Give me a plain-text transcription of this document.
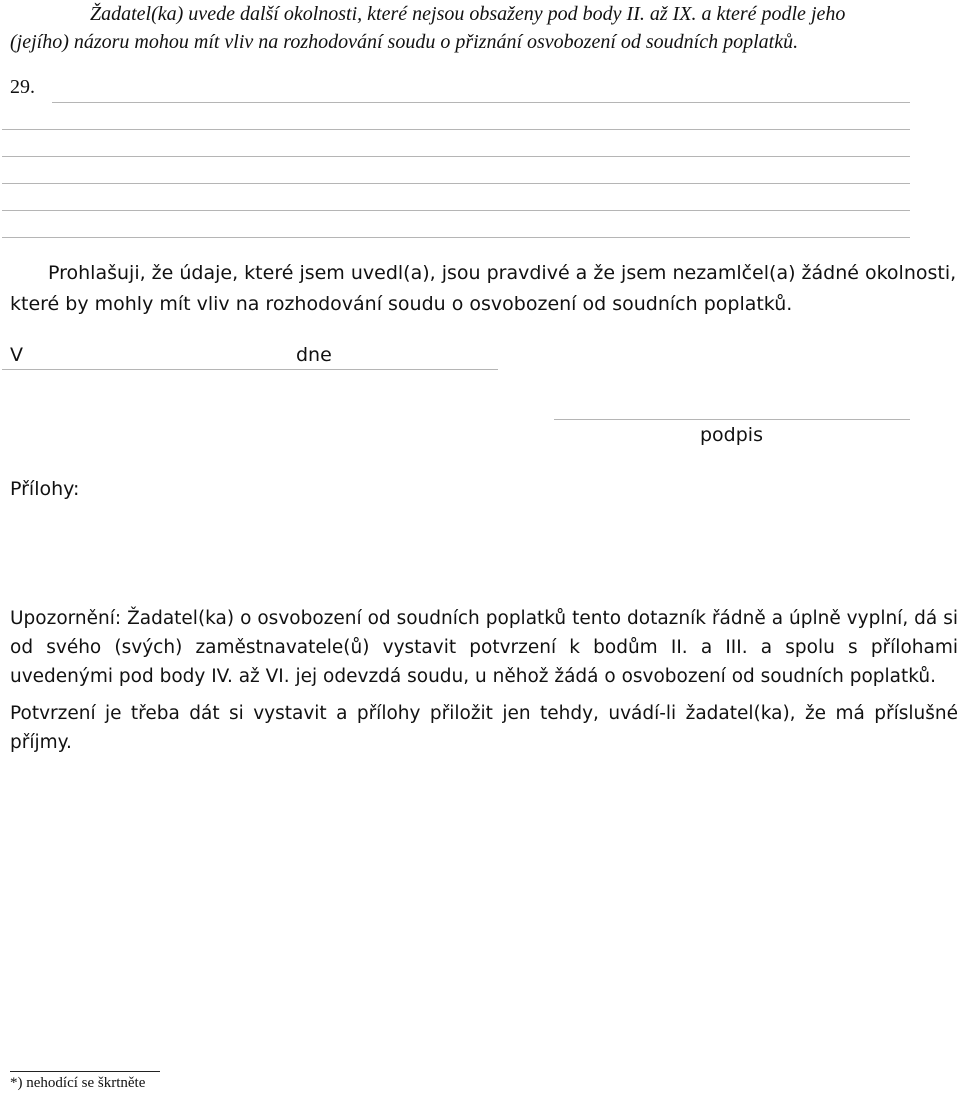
Žadatel(ka) uvede další okolnosti, které nejsou obsaženy pod body II. až IX. a které podle jeho
(jejího) názoru mohou mít vliv na rozhodování soudu o přiznání osvobození od soudních poplatků.
29.
Prohlašuji, že údaje, které jsem uvedl(a), jsou pravdivé a že jsem nezamlčel(a) žádné okolnosti,
které by mohly mít vliv na rozhodování soudu o osvobození od soudních poplatků.
V	dne
podpis
Přílohy:

Upozornění: Žadatel(ka) o osvobození od soudních poplatků tento dotazník řádně a úplně vyplní, dá si od svého (svých) zaměstnavatele(ů) vystavit potvrzení k bodům II. a III. a spolu s přílohami uvedenými pod body IV. až VI. jej odevzdá soudu, u něhož žádá o osvobození od soudních poplatků.

Potvrzení je třeba dát si vystavit a přílohy přiložit jen tehdy, uvádí-li žadatel(ka), že má příslušné příjmy.

*) nehodící se škrtněte
